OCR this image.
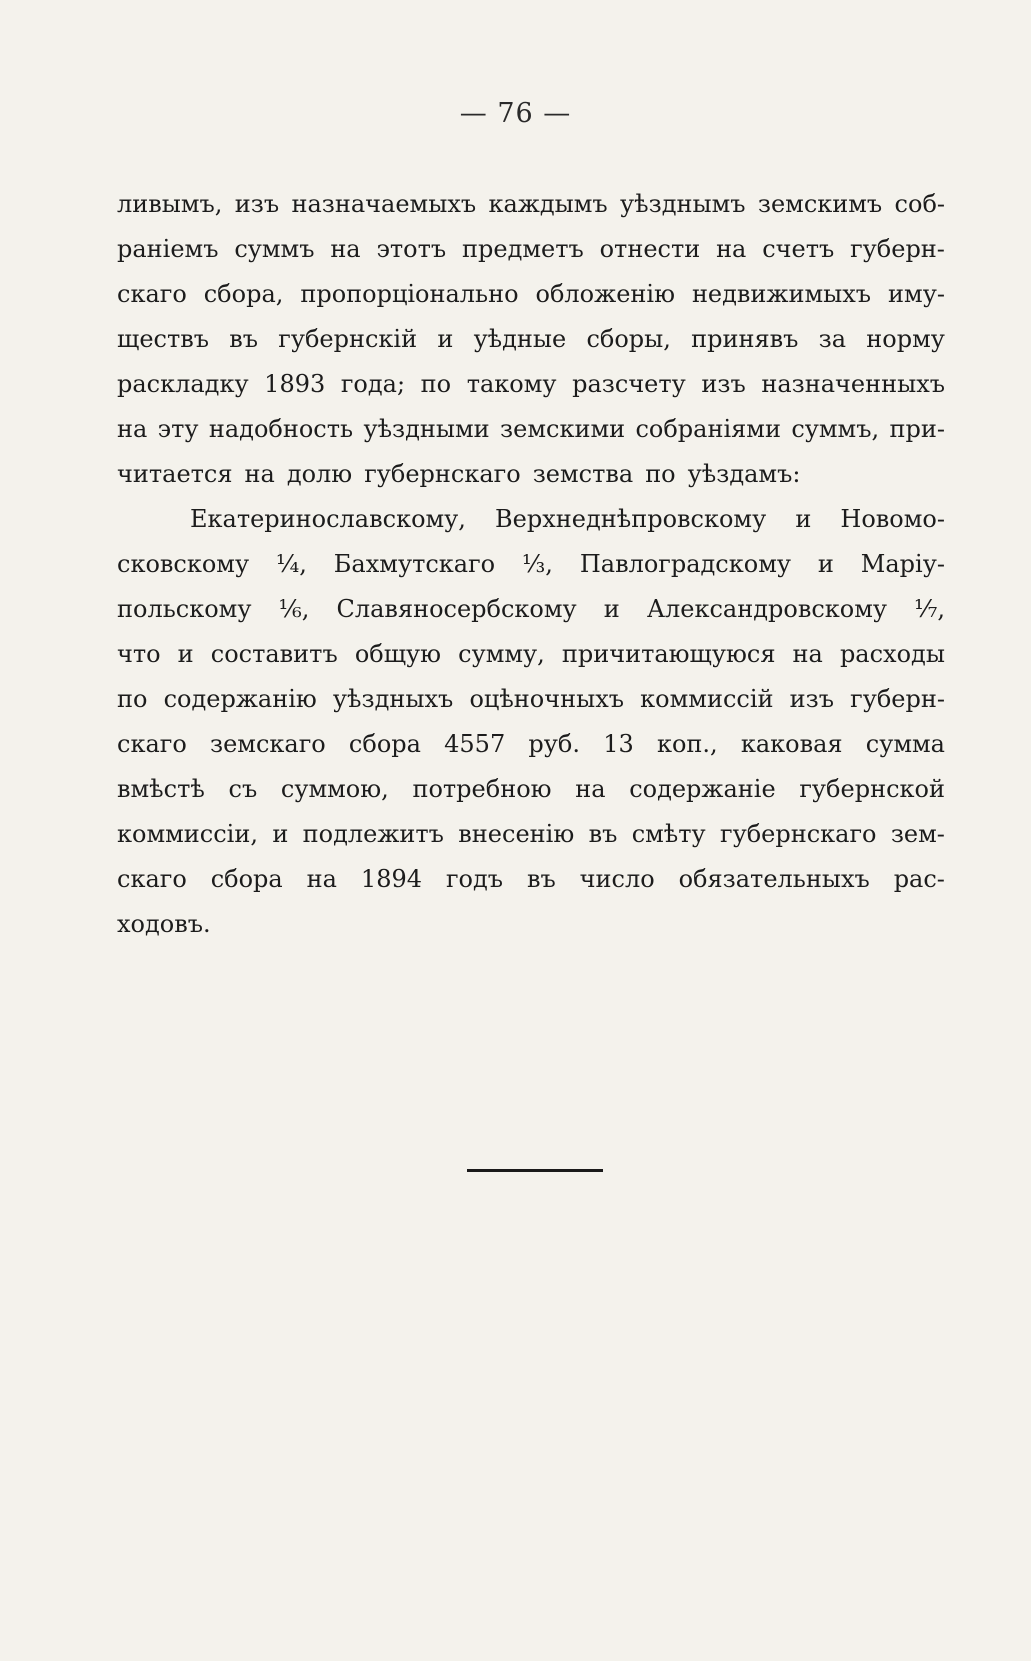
— 76 —
ливымъ, изъ назначаемыхъ каждымъ уѣзднымъ земскимъ соб-
раніемъ суммъ на этотъ предметъ отнести на счетъ губерн-
скаго сбора, пропорціонально обложенію недвижимыхъ иму-
ществъ въ губернскій и уѣдные сборы, принявъ за норму
раскладку 1893 года; по такому разсчету изъ назначенныхъ
на эту надобность уѣздными земскими собраніями суммъ, при-
читается на долю губернскаго земства по уѣздамъ:
Екатеринославскому, Верхнеднѣпровскому и Новомо-
сковскому ¼, Бахмутскаго ⅓, Павлоградскому и Маріу-
польскому ⅙, Славяносербскому и Александровскому ⅐,
что и составитъ общую сумму, причитающуюся на расходы
по содержанію уѣздныхъ оцѣночныхъ коммиссій изъ губерн-
скаго земскаго сбора 4557 руб. 13 коп., каковая сумма
вмѣстѣ съ суммою, потребною на содержаніе губернской
коммиссіи, и подлежитъ внесенію въ смѣту губернскаго зем-
скаго сбора на 1894 годъ въ число обязательныхъ рас-
ходовъ.
